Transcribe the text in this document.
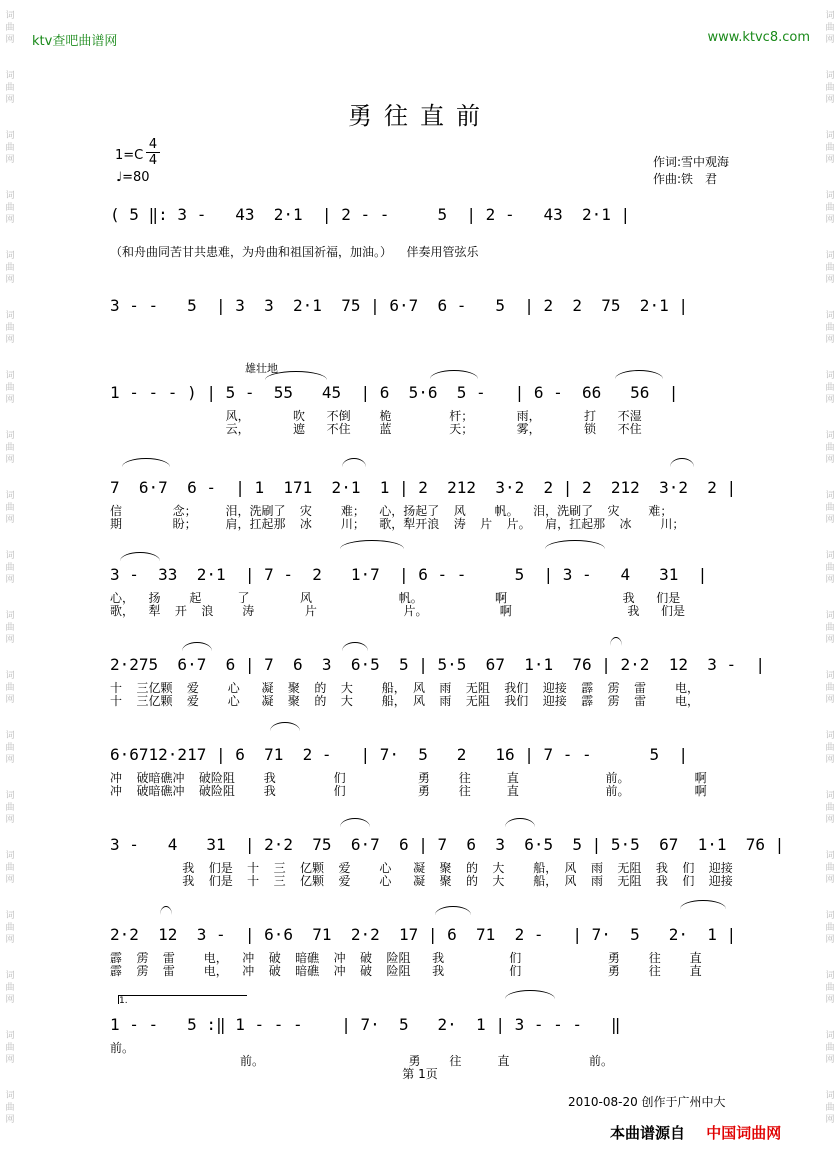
ktv查吧曲谱网	www.ktvc8.com
词
曲
网
词
曲
网
词
曲
网
词
曲
网
词
曲
网
词
曲
网
词
曲
网
词
曲
网
词
曲
网
词
曲
网
词
曲
网
词
曲
网
词
曲
网
词
曲
网
词
曲
网
词
曲
网
词
曲
网
词
曲
网
词
曲
网
词
曲
网
词
曲
网
词
曲
网
词
曲
网
词
曲
网
词
曲
网
词
曲
网
词
曲
网
词
曲
网
词
曲
网
词
曲
网
词
曲
网
词
曲
网
词
曲
网
词
曲
网
词
曲
网
词
曲
网
词
曲
网
词
曲
网
勇往直前
1=C
4
4
♩=80
作词:雪中观海
作曲:铁　君
雄壮地
1.
( 5 ‖: 3 -   43  2·1  | 2 - -     5  | 2 -   43  2·1 |
（和舟曲同苦甘共患难，为舟曲和祖国祈福，加油。）  伴奏用管弦乐
3 - -   5  | 3  3  2·1  75 | 6·7  6 -   5  | 2  2  75  2·1 |
1 - - - ) | 5 -  55   45  | 6  5·6  5 -   | 6 -  66   56  |
风，      吹   不倒    桅        杆；      雨，      打   不湿
云，      遮   不住    蓝        天；      雾，      锁   不住
7  6·7  6 -  | 1  171  2·1  1 | 2  212  3·2  2 | 2  212  3·2  2 |
信       念；    泪，洗刷了  灾    难；  心，扬起了  风    帆。  泪，洗刷了  灾    难；
期       盼；    肩，扛起那  冰    川；  歌，犁开浪  涛  片  片。  肩，扛起那  冰    川；
3 -  33  2·1  | 7 -  2   1·7  | 6 - -     5  | 3 -   4   31  |
心，  扬    起     了       风            帆。          啊                我   们是
歌，  犁  开  浪    涛       片            片。          啊                我   们是
2·275  6·7  6 | 7  6  3  6·5  5 | 5·5  67  1·1  76 | 2·2  12  3 -  |
十  三亿颗  爱    心   凝  聚  的  大    船， 风  雨  无阻  我们  迎接  霹  雳  雷    电，
十  三亿颗  爱    心   凝  聚  的  大    船， 风  雨  无阻  我们  迎接  霹  雳  雷    电，
6·6712·217 | 6  71  2 -   | 7·  5   2   16 | 7 - -      5  |
冲  破暗礁冲  破险阻    我        们          勇    往     直            前。         啊
冲  破暗礁冲  破险阻    我        们          勇    往     直            前。         啊
3 -   4   31  | 2·2  75  6·7  6 | 7  6  3  6·5  5 | 5·5  67  1·1  76 |
我  们是  十  三  亿颗  爱    心   凝  聚  的  大    船， 风  雨  无阻  我  们  迎接
我  们是  十  三  亿颗  爱    心   凝  聚  的  大    船， 风  雨  无阻  我  们  迎接
2·2  12  3 -  | 6·6  71  2·2  17 | 6  71  2 -   | 7·  5   2·  1 |
霹  雳  雷    电，  冲  破  暗礁  冲  破  险阻   我         们            勇    往    直
霹  雳  雷    电，  冲  破  暗礁  冲  破  险阻   我         们            勇    往    直
1 - -   5 :‖ 1 - - -    | 7·  5   2·  1 | 3 - - -   ‖
前。
前。                    勇    往     直           前。
第 1页
2010-08-20 创作于广州中大
本曲谱源自 中国词曲网
